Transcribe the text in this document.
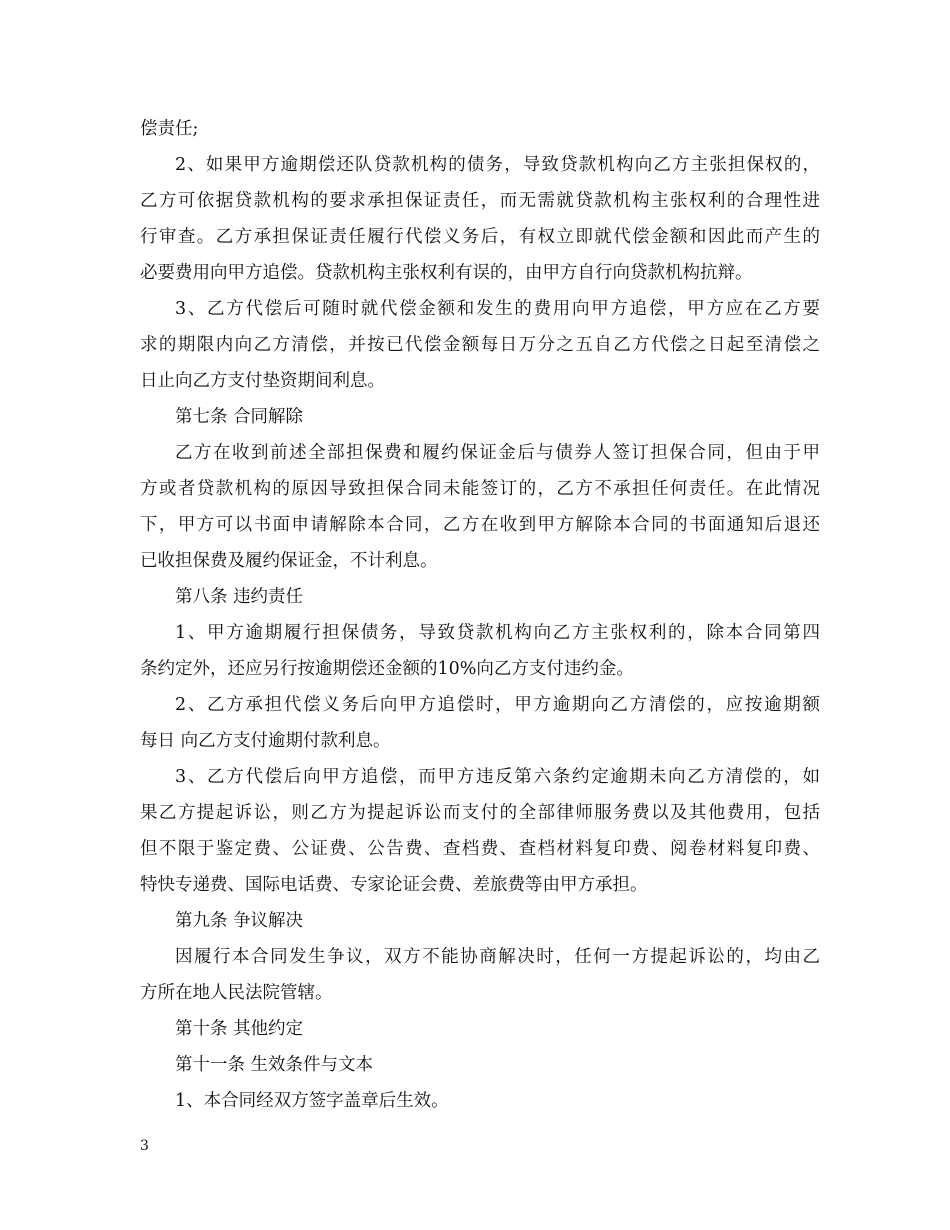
偿责任;
2、如果甲方逾期偿还队贷款机构的债务，导致贷款机构向乙方主张担保权的，
乙方可依据贷款机构的要求承担保证责任，而无需就贷款机构主张权利的合理性进
行审查。乙方承担保证责任履行代偿义务后，有权立即就代偿金额和因此而产生的
必要费用向甲方追偿。贷款机构主张权利有误的，由甲方自行向贷款机构抗辩。
3、乙方代偿后可随时就代偿金额和发生的费用向甲方追偿，甲方应在乙方要
求的期限内向乙方清偿，并按已代偿金额每日万分之五自乙方代偿之日起至清偿之
日止向乙方支付垫资期间利息。
第七条 合同解除
乙方在收到前述全部担保费和履约保证金后与债券人签订担保合同，但由于甲
方或者贷款机构的原因导致担保合同未能签订的，乙方不承担任何责任。在此情况
下，甲方可以书面申请解除本合同，乙方在收到甲方解除本合同的书面通知后退还
已收担保费及履约保证金，不计利息。
第八条 违约责任
1、甲方逾期履行担保债务，导致贷款机构向乙方主张权利的，除本合同第四
条约定外，还应另行按逾期偿还金额的10%向乙方支付违约金。
2、乙方承担代偿义务后向甲方追偿时，甲方逾期向乙方清偿的，应按逾期额
每日 向乙方支付逾期付款利息。
3、乙方代偿后向甲方追偿，而甲方违反第六条约定逾期未向乙方清偿的，如
果乙方提起诉讼，则乙方为提起诉讼而支付的全部律师服务费以及其他费用，包括
但不限于鉴定费、公证费、公告费、查档费、查档材料复印费、阅卷材料复印费、
特快专递费、国际电话费、专家论证会费、差旅费等由甲方承担。
第九条 争议解决
因履行本合同发生争议，双方不能协商解决时，任何一方提起诉讼的，均由乙
方所在地人民法院管辖。
第十条 其他约定
第十一条 生效条件与文本
1、本合同经双方签字盖章后生效。
3
